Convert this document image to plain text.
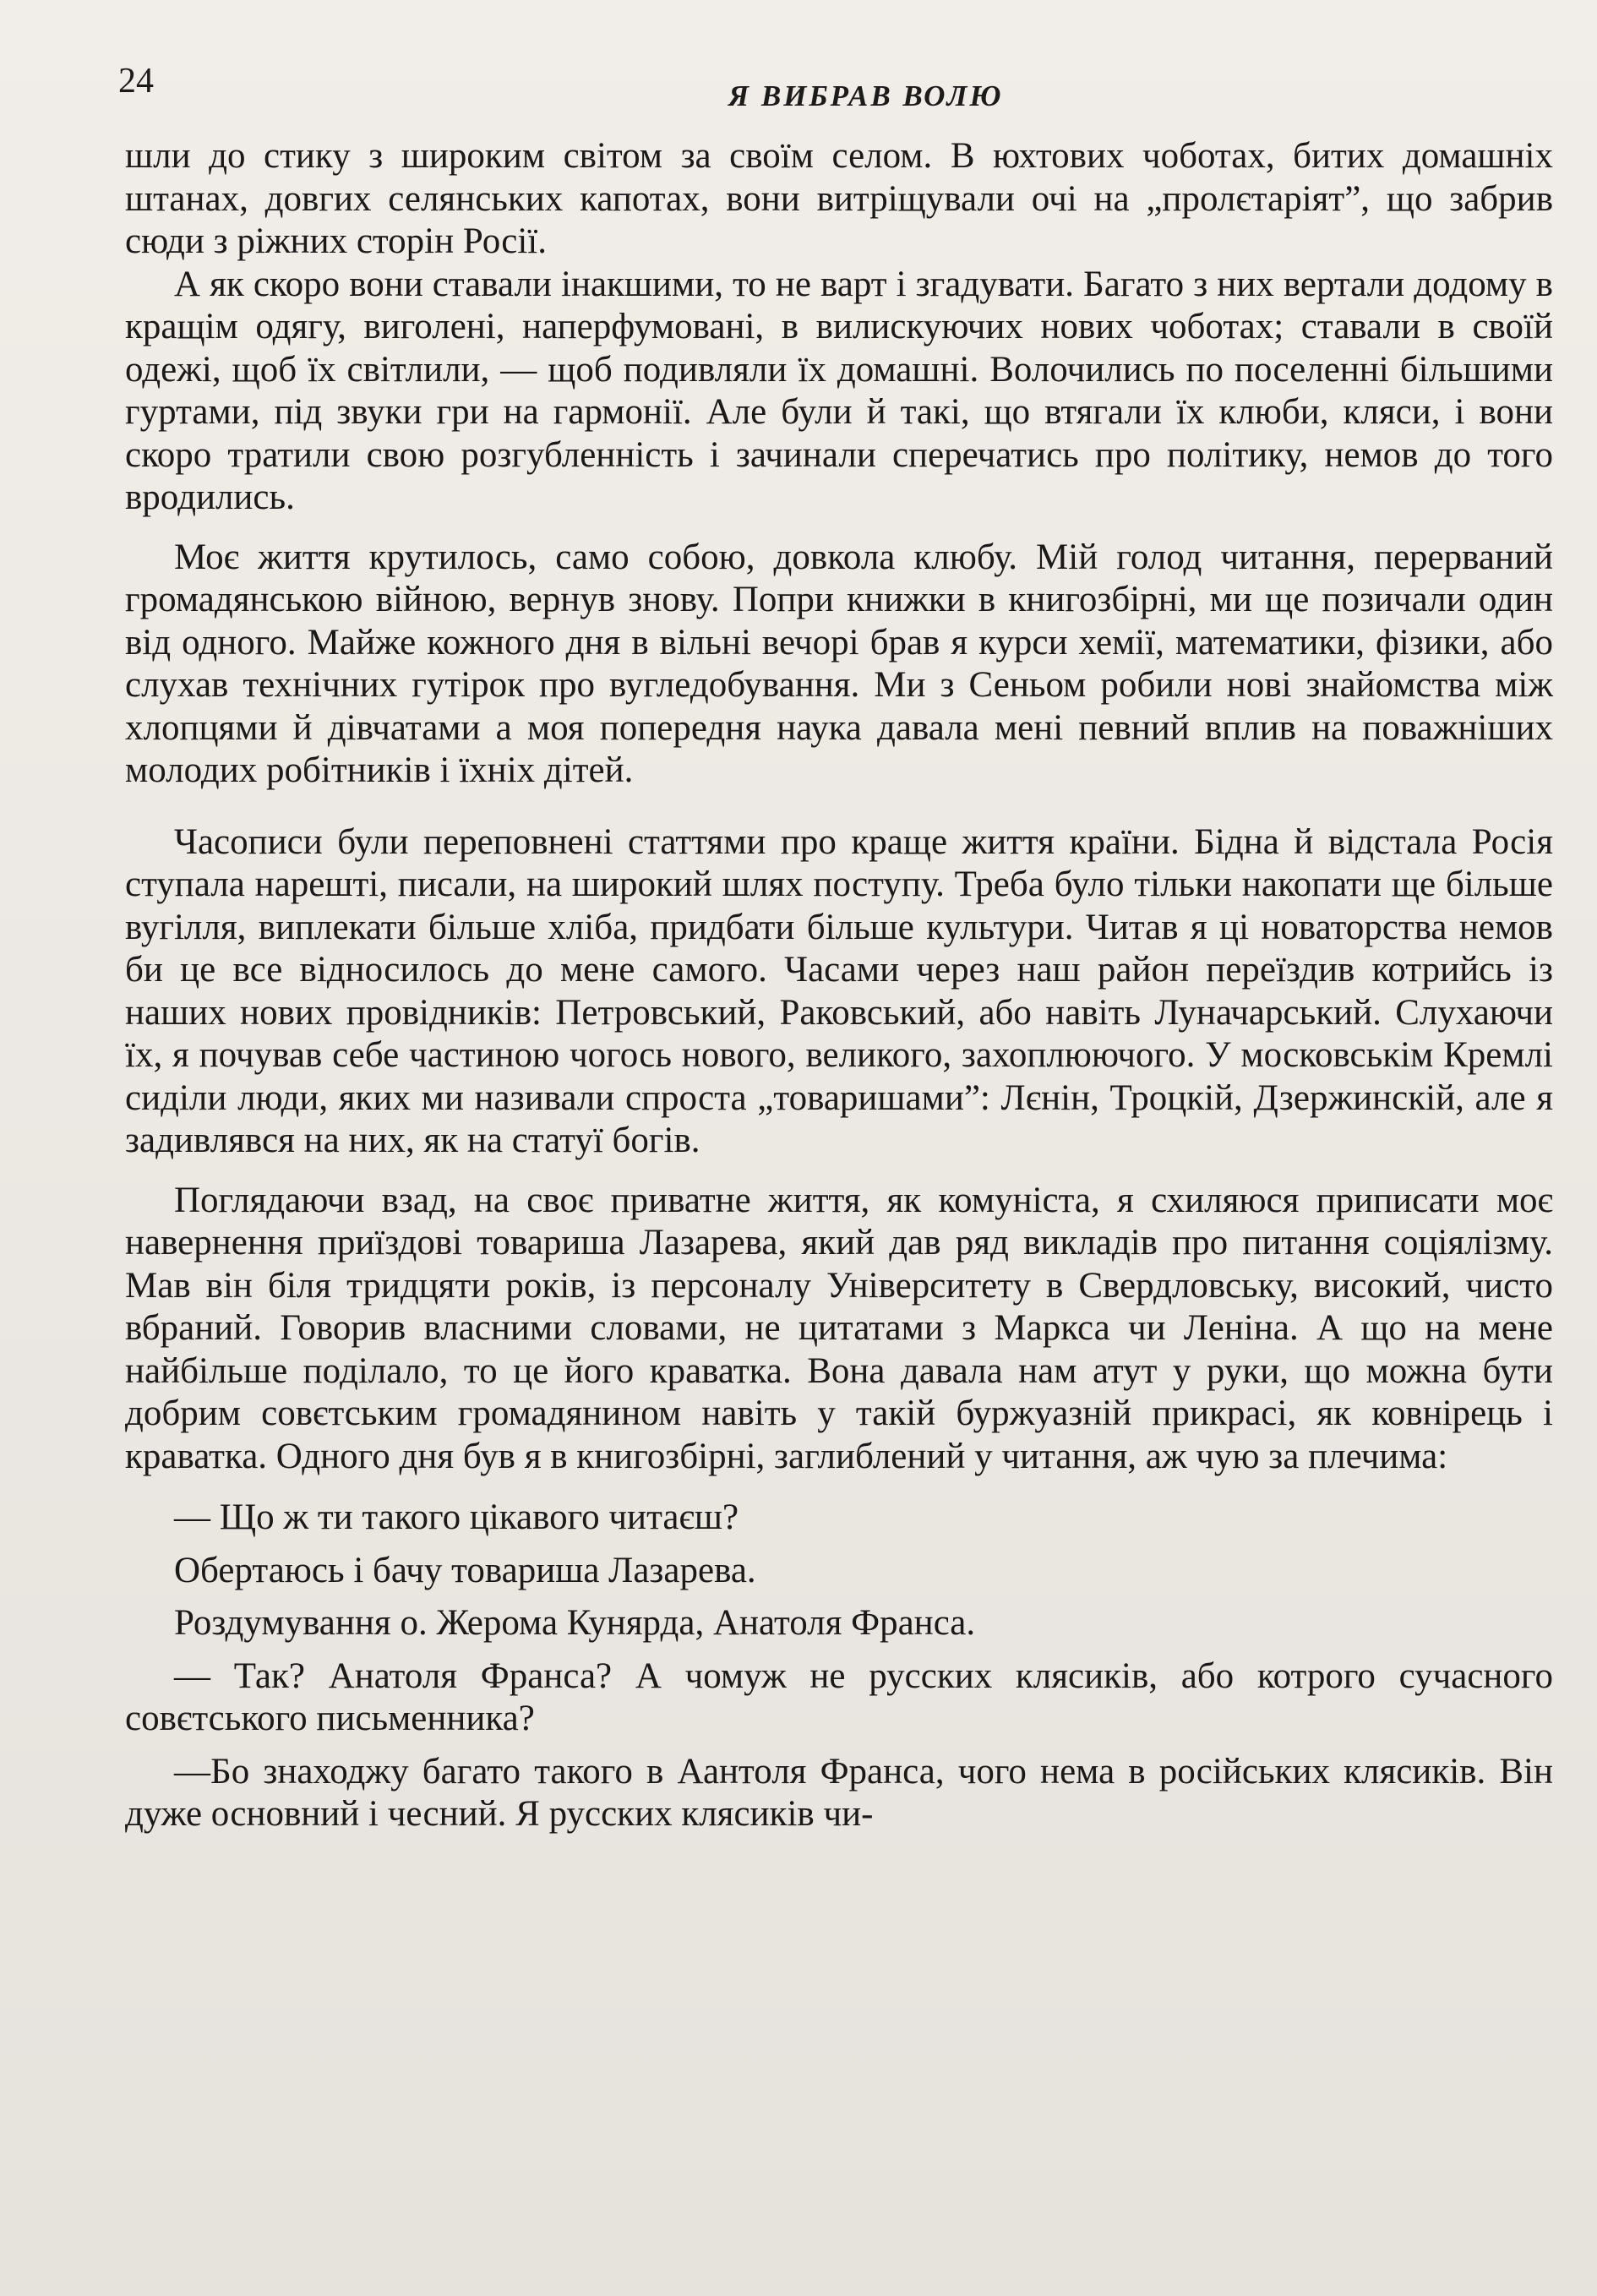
24	Я ВИБРАВ ВОЛЮ

шли до стику з широким світом за своїм селом. В юхтових чоботах, битих домашніх штанах, довгих селянських капотах, вони витріщували очі на „пролєтаріят”, що забрив сюди з ріжних сторін Росії.

А як скоро вони ставали інакшими, то не варт і згадувати. Багато з них вертали додому в кращім одягу, виголені, наперфумовані, в вилискуючих нових чоботах; ставали в своїй одежі, щоб їх світлили, — щоб подивляли їх домашні. Волочились по поселенні більшими гуртами, під звуки гри на гармонії. Але були й такі, що втягали їх клюби, кляси, і вони скоро тратили свою розгубленність і зачинали сперечатись про політику, немов до того вродились.

Моє життя крутилось, само собою, довкола клюбу. Мій голод читання, перерваний громадянською війною, вернув знову. Попри книжки в книгозбірні, ми ще позичали один від одного. Майже кожного дня в вільні вечорі брав я курси хемії, математики, фізики, або слухав технічних гутірок про вугледобування. Ми з Сеньом робили нові знайомства між хлопцями й дівчатами а моя попередня наука давала мені певний вплив на поважніших молодих робітників і їхніх дітей.

Часописи були переповнені статтями про краще життя країни. Бідна й відстала Росія ступала нарешті, писали, на широкий шлях поступу. Треба було тільки накопати ще більше вугілля, виплекати більше хліба, придбати більше культури. Читав я ці новаторства немов би це все відносилось до мене самого. Часами через наш район переїздив котрийсь із наших нових провідників: Петровський, Раковський, або навіть Луначарський. Слухаючи їх, я почував себе частиною чогось нового, великого, захоплюючого. У московськім Кремлі сиділи люди, яких ми називали спроста „товаришами”: Лєнін, Троцкій, Дзержинскій, але я задивлявся на них, як на статуї богів.

Поглядаючи взад, на своє приватне життя, як комуніста, я схиляюся приписати моє навернення приїздові товариша Лазарева, який дав ряд викладів про питання соціялізму. Мав він біля тридцяти років, із персоналу Університету в Свердловську, високий, чисто вбраний. Говорив власними словами, не цитатами з Маркса чи Леніна. А що на мене найбільше поділало, то це його краватка. Вона давала нам атут у руки, що можна бути добрим совєтським громадянином навіть у такій буржуазній прикрасі, як ковнірець і краватка. Одного дня був я в книгозбірні, заглиблений у читання, аж чую за плечима:

— Що ж ти такого цікавого читаєш?

Обертаюсь і бачу товариша Лазарева.

Роздумування о. Жерома Кунярда, Анатоля Франса.

— Так? Анатоля Франса? А чомуж не русских клясиків, або котрого сучасного совєтського письменника?

—Бо знаходжу багато такого в Аантоля Франса, чого нема в російських клясиків. Він дуже основний і чесний. Я русских клясиків чи-
